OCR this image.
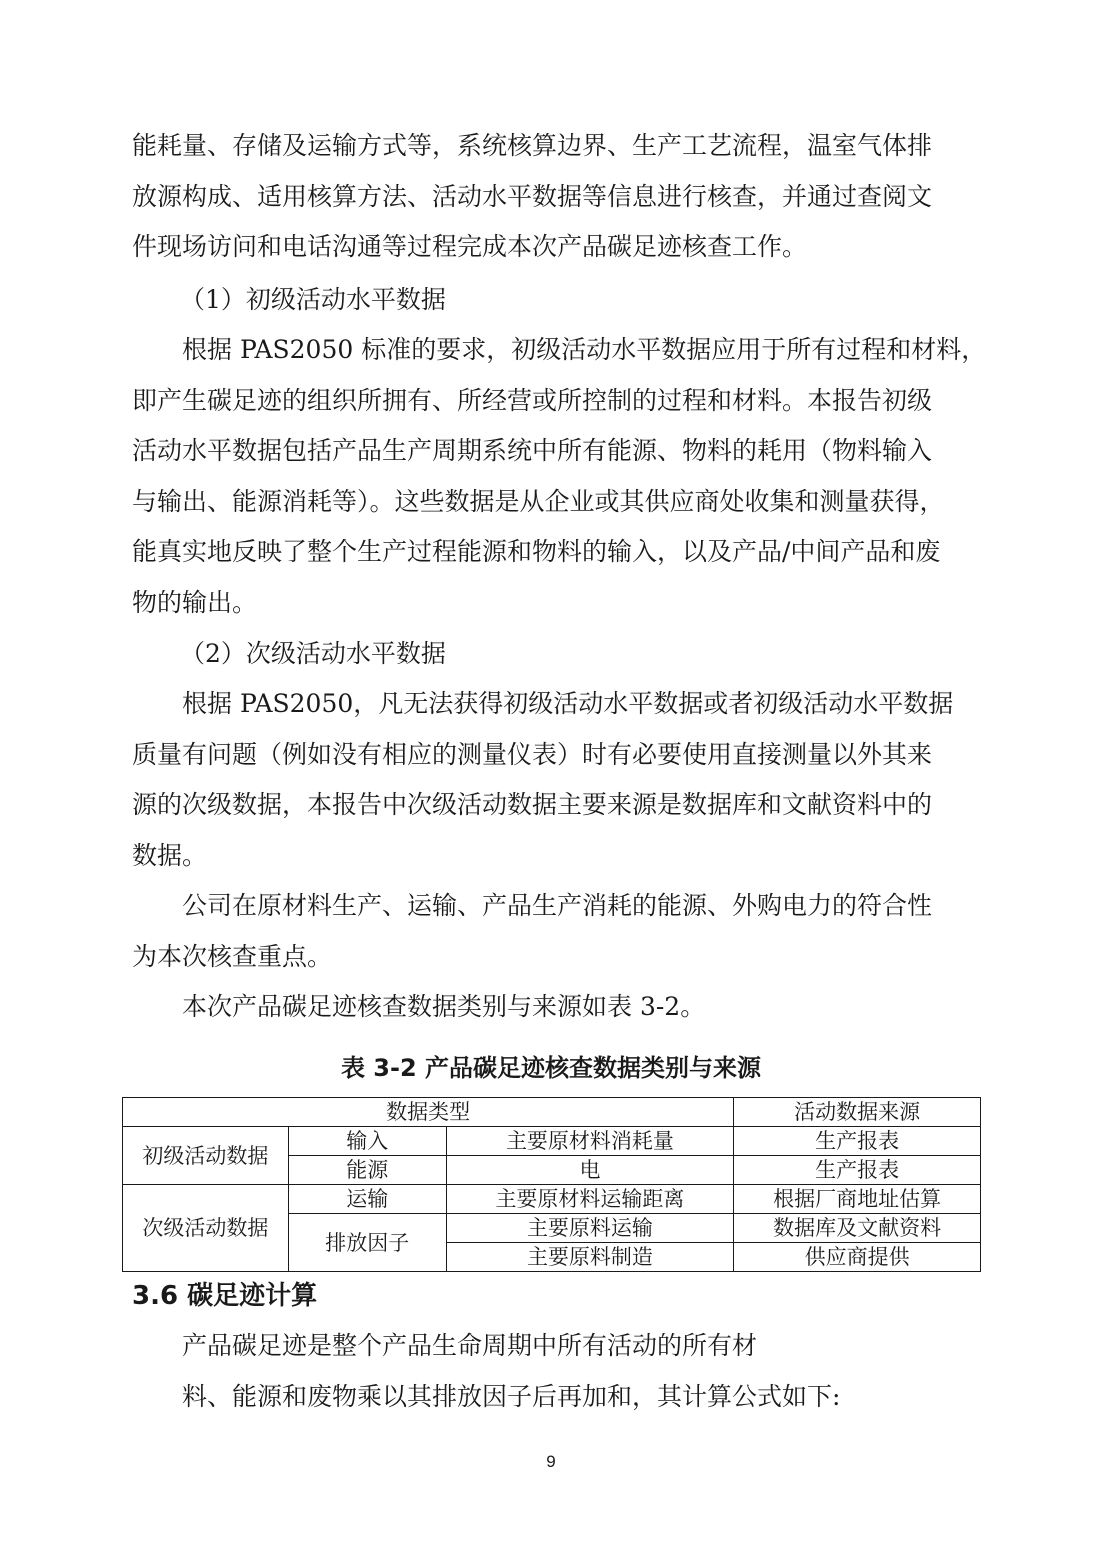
能耗量、存储及运输方式等，系统核算边界、生产工艺流程，温室气体排
放源构成、适用核算方法、活动水平数据等信息进行核查，并通过查阅文
件现场访问和电话沟通等过程完成本次产品碳足迹核查工作。

（1）初级活动水平数据

根据 PAS2050 标准的要求，初级活动水平数据应用于所有过程和材料，
即产生碳足迹的组织所拥有、所经营或所控制的过程和材料。本报告初级
活动水平数据包括产品生产周期系统中所有能源、物料的耗用（物料输入
与输出、能源消耗等）。这些数据是从企业或其供应商处收集和测量获得，
能真实地反映了整个生产过程能源和物料的输入，以及产品/中间产品和废
物的输出。

（2）次级活动水平数据

根据 PAS2050，凡无法获得初级活动水平数据或者初级活动水平数据
质量有问题（例如没有相应的测量仪表）时有必要使用直接测量以外其来
源的次级数据，本报告中次级活动数据主要来源是数据库和文献资料中的
数据。

公司在原材料生产、运输、产品生产消耗的能源、外购电力的符合性
为本次核查重点。

本次产品碳足迹核查数据类别与来源如表 3-2。

表 3-2 产品碳足迹核查数据类别与来源

数据类型			活动数据来源
初级活动数据	输入	主要原材料消耗量	生产报表
	能源	电	生产报表
次级活动数据	运输	主要原材料运输距离	根据厂商地址估算
	排放因子	主要原料运输	数据库及文献资料
		主要原料制造	供应商提供
3.6 碳足迹计算

产品碳足迹是整个产品生命周期中所有活动的所有材
料、能源和废物乘以其排放因子后再加和，其计算公式如下:

9
